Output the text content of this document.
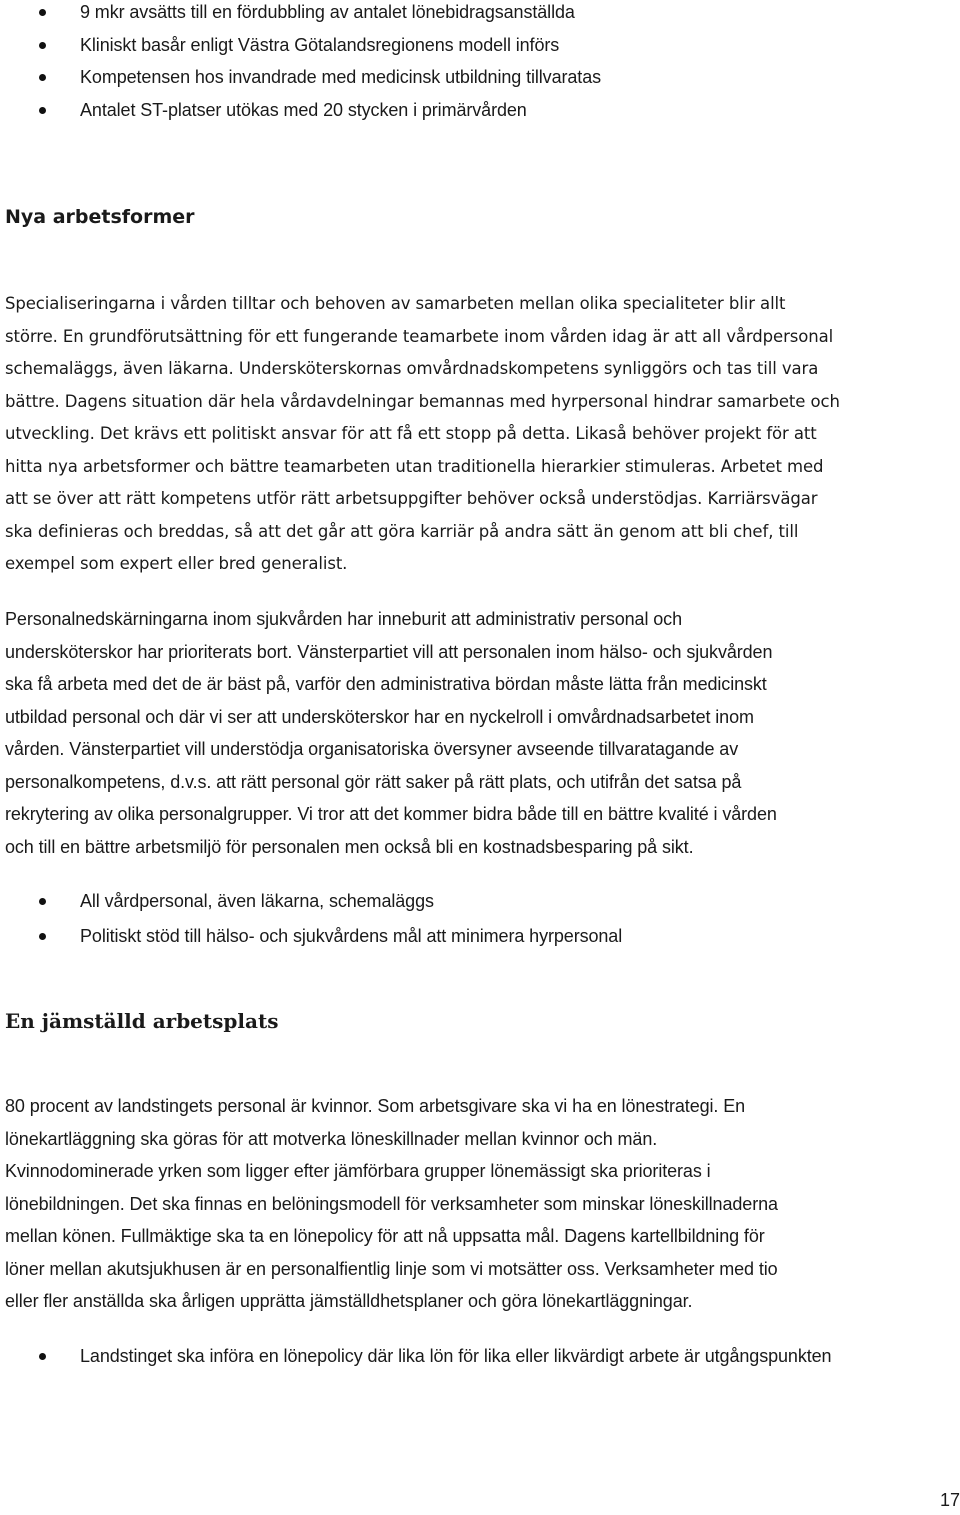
9 mkr avsätts till en fördubbling av antalet lönebidragsanställda
Kliniskt basår enligt Västra Götalandsregionens modell införs
Kompetensen hos invandrade med medicinsk utbildning tillvaratas
Antalet ST-platser utökas med 20 stycken i primärvården
Nya arbetsformer
Specialiseringarna i vården tilltar och behoven av samarbeten mellan olika specialiteter blir allt
större. En grundförutsättning för ett fungerande teamarbete inom vården idag är att all vårdpersonal
schemaläggs, även läkarna. Undersköterskornas omvårdnadskompetens synliggörs och tas till vara
bättre. Dagens situation där hela vårdavdelningar bemannas med hyrpersonal hindrar samarbete och
utveckling. Det krävs ett politiskt ansvar för att få ett stopp på detta. Likaså behöver projekt för att
hitta nya arbetsformer och bättre teamarbeten utan traditionella hierarkier stimuleras. Arbetet med
att se över att rätt kompetens utför rätt arbetsuppgifter behöver också understödjas. Karriärsvägar
ska definieras och breddas, så att det går att göra karriär på andra sätt än genom att bli chef, till
exempel som expert eller bred generalist.
Personalnedskärningarna inom sjukvården har inneburit att administrativ personal och
undersköterskor har prioriterats bort. Vänsterpartiet vill att personalen inom hälso- och sjukvården
ska få arbeta med det de är bäst på, varför den administrativa bördan måste lätta från medicinskt
utbildad personal och där vi ser att undersköterskor har en nyckelroll i omvårdnadsarbetet inom
vården. Vänsterpartiet vill understödja organisatoriska översyner avseende tillvaratagande av
personalkompetens, d.v.s. att rätt personal gör rätt saker på rätt plats, och utifrån det satsa på
rekrytering av olika personalgrupper. Vi tror att det kommer bidra både till en bättre kvalité i vården
och till en bättre arbetsmiljö för personalen men också bli en kostnadsbesparing på sikt.
All vårdpersonal, även läkarna, schemaläggs
Politiskt stöd till hälso- och sjukvårdens mål att minimera hyrpersonal
En jämställd arbetsplats
80 procent av landstingets personal är kvinnor. Som arbetsgivare ska vi ha en lönestrategi. En
lönekartläggning ska göras för att motverka löneskillnader mellan kvinnor och män.
Kvinnodominerade yrken som ligger efter jämförbara grupper lönemässigt ska prioriteras i
lönebildningen. Det ska finnas en belöningsmodell för verksamheter som minskar löneskillnaderna
mellan könen. Fullmäktige ska ta en lönepolicy för att nå uppsatta mål. Dagens kartellbildning för
löner mellan akutsjukhusen är en personalfientlig linje som vi motsätter oss. Verksamheter med tio
eller fler anställda ska årligen upprätta jämställdhetsplaner och göra lönekartläggningar.
Landstinget ska införa en lönepolicy där lika lön för lika eller likvärdigt arbete är utgångspunkten
17
